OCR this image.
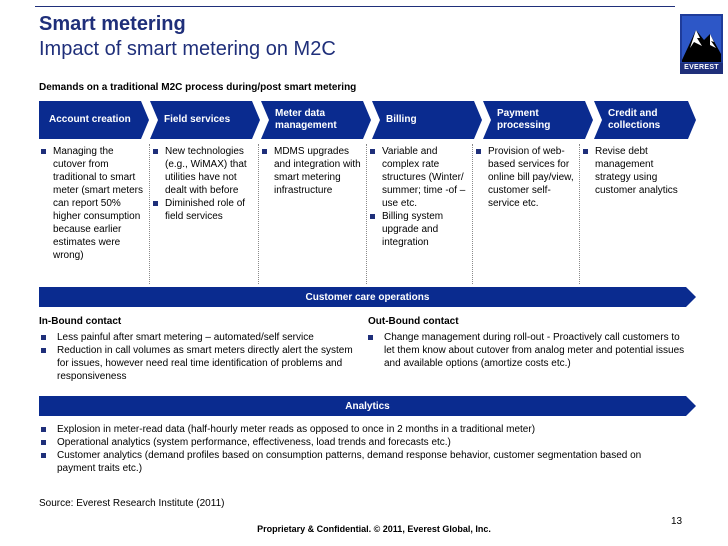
Smart metering
Impact of smart metering on M2C
EVEREST
Demands on a traditional M2C process during/post smart metering
Account creation	Field services
Meter data management
Billing
Payment processing
Credit and collections
Managing the cutover from traditional to smart meter (smart meters can report 50% higher consumption because earlier estimates were wrong)
New technologies (e.g., WiMAX) that utilities have not dealt with before
Diminished role of field services
MDMS upgrades and integration with smart metering infrastructure
Variable and complex rate structures (Winter/ summer; time -of –use etc.
Billing system upgrade and integration
Provision of web-based services for online bill pay/view, customer self-service etc.
Revise debt management strategy using customer analytics
Customer care operations
In-Bound contact
Less painful after smart metering – automated/self service
Reduction in call volumes as smart meters directly alert the system for issues, however need real time identification of problems and responsiveness
Out-Bound contact
Change management during roll-out - Proactively call customers to let them know about cutover from analog meter and potential issues and available options (amortize costs etc.)
Analytics
Explosion in meter-read data (half-hourly meter reads as opposed to once in 2 months in a traditional meter)
Operational analytics (system performance, effectiveness, load trends and forecasts etc.)
Customer analytics (demand profiles based on consumption patterns, demand response behavior, customer segmentation based on payment traits etc.)
Source: Everest Research Institute (2011)
13
Proprietary & Confidential. © 2011, Everest Global, Inc.
